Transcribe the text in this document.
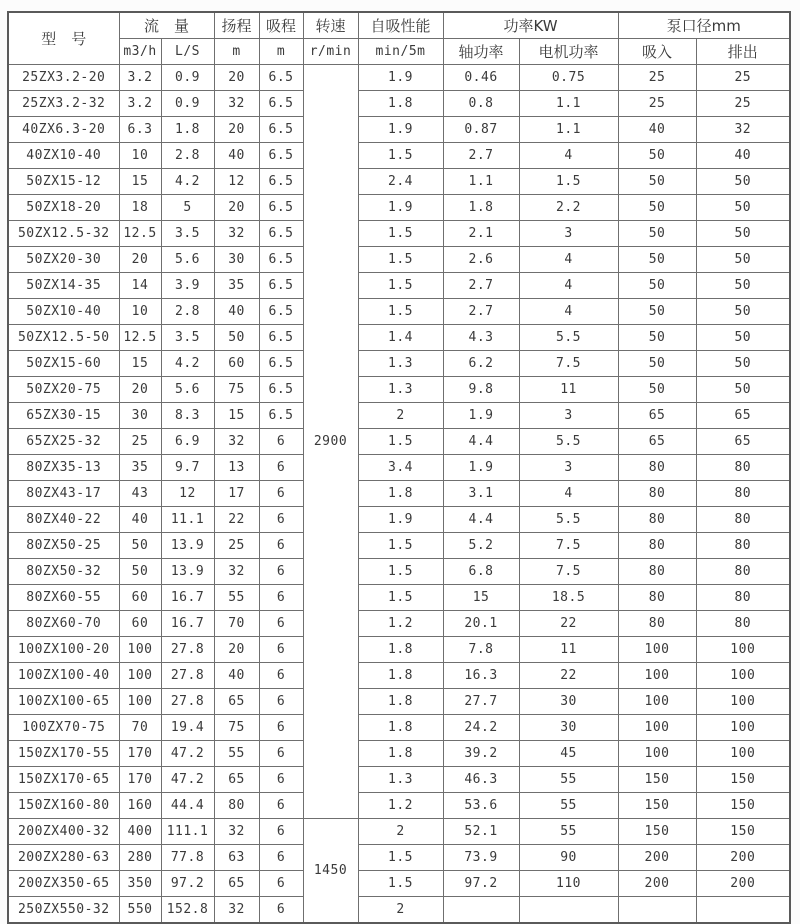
型　号	流　量		扬程	吸程	转速	自吸性能	功率KW		泵口径mm	
	m3/h	L/S	m	m	r/min	min/5m	轴功率	电机功率	吸入	排出
25ZX3.2-20	3.2	0.9	20	6.5	2900	1.9	0.46	0.75	25	25
25ZX3.2-32	3.2	0.9	32	6.5		1.8	0.8	1.1	25	25
40ZX6.3-20	6.3	1.8	20	6.5		1.9	0.87	1.1	40	32
40ZX10-40	10	2.8	40	6.5		1.5	2.7	4	50	40
50ZX15-12	15	4.2	12	6.5		2.4	1.1	1.5	50	50
50ZX18-20	18	5	20	6.5		1.9	1.8	2.2	50	50
50ZX12.5-32	12.5	3.5	32	6.5		1.5	2.1	3	50	50
50ZX20-30	20	5.6	30	6.5		1.5	2.6	4	50	50
50ZX14-35	14	3.9	35	6.5		1.5	2.7	4	50	50
50ZX10-40	10	2.8	40	6.5		1.5	2.7	4	50	50
50ZX12.5-50	12.5	3.5	50	6.5		1.4	4.3	5.5	50	50
50ZX15-60	15	4.2	60	6.5		1.3	6.2	7.5	50	50
50ZX20-75	20	5.6	75	6.5		1.3	9.8	11	50	50
65ZX30-15	30	8.3	15	6.5		2	1.9	3	65	65
65ZX25-32	25	6.9	32	6		1.5	4.4	5.5	65	65
80ZX35-13	35	9.7	13	6		3.4	1.9	3	80	80
80ZX43-17	43	12	17	6		1.8	3.1	4	80	80
80ZX40-22	40	11.1	22	6		1.9	4.4	5.5	80	80
80ZX50-25	50	13.9	25	6		1.5	5.2	7.5	80	80
80ZX50-32	50	13.9	32	6		1.5	6.8	7.5	80	80
80ZX60-55	60	16.7	55	6		1.5	15	18.5	80	80
80ZX60-70	60	16.7	70	6		1.2	20.1	22	80	80
100ZX100-20	100	27.8	20	6		1.8	7.8	11	100	100
100ZX100-40	100	27.8	40	6		1.8	16.3	22	100	100
100ZX100-65	100	27.8	65	6		1.8	27.7	30	100	100
100ZX70-75	70	19.4	75	6		1.8	24.2	30	100	100
150ZX170-55	170	47.2	55	6		1.8	39.2	45	100	100
150ZX170-65	170	47.2	65	6		1.3	46.3	55	150	150
150ZX160-80	160	44.4	80	6		1.2	53.6	55	150	150
200ZX400-32	400	111.1	32	6	1450	2	52.1	55	150	150
200ZX280-63	280	77.8	63	6		1.5	73.9	90	200	200
200ZX350-65	350	97.2	65	6		1.5	97.2	110	200	200
250ZX550-32	550	152.8	32	6		2				
